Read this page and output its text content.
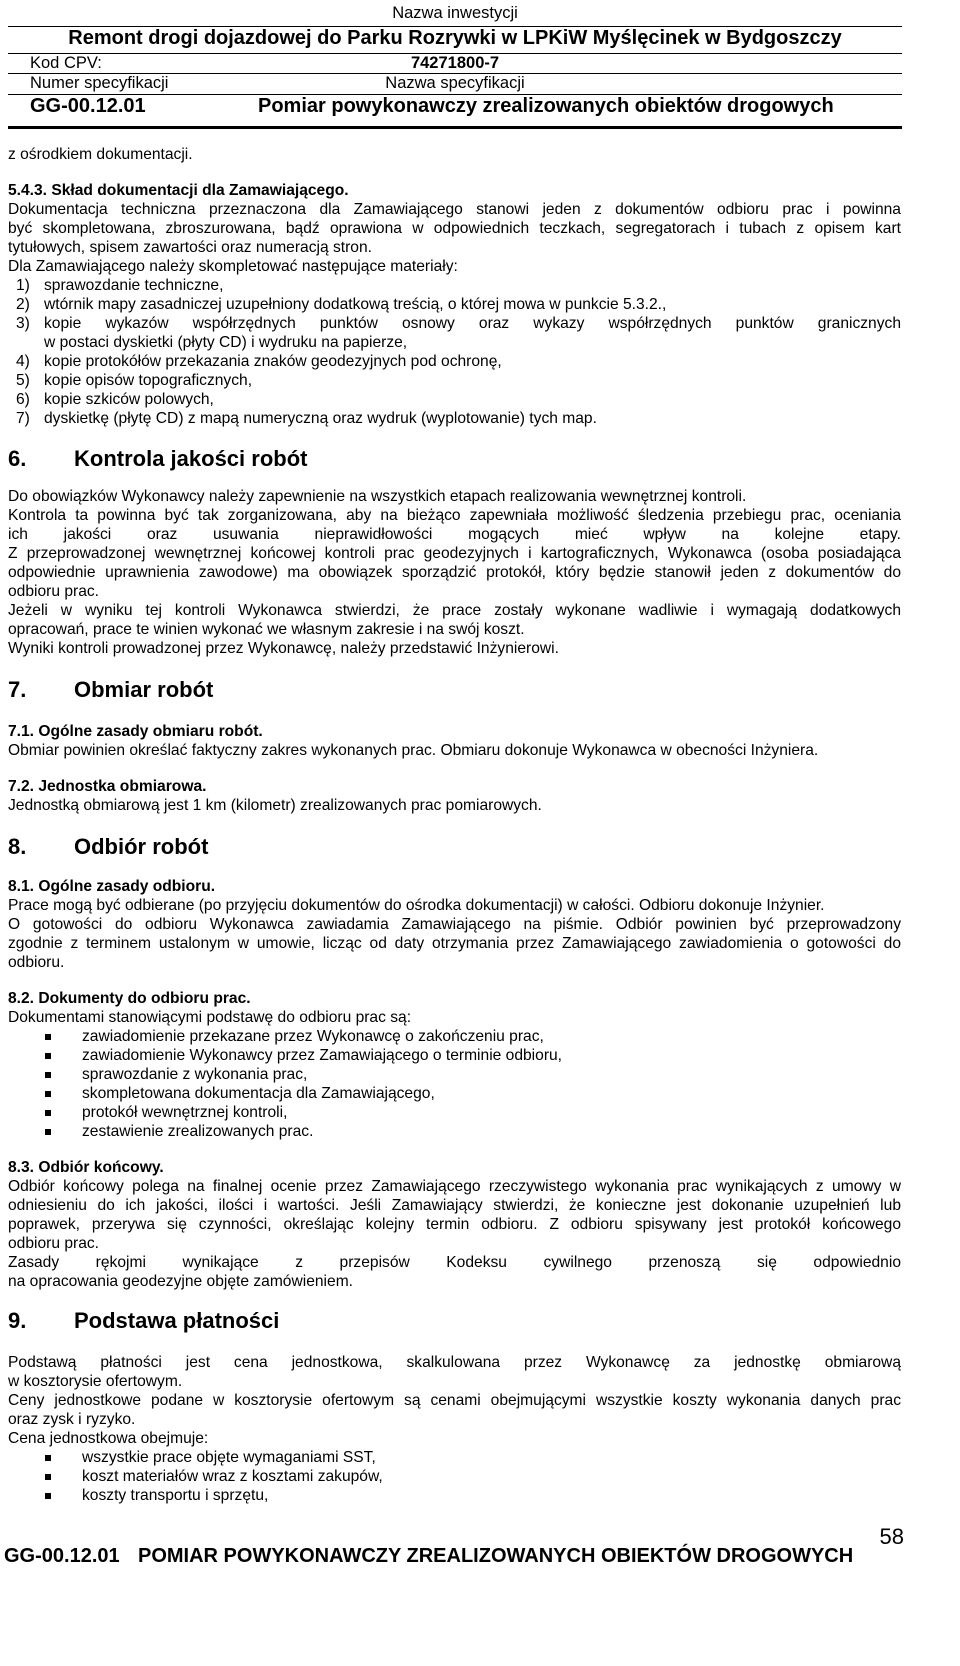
Nazwa inwestycji
Remont drogi dojazdowej do Parku Rozrywki w LPKiW Myślęcinek w Bydgoszczy
Kod CPV:	74271800-7
Numer specyfikacji	Nazwa specyfikacji
GG-00.12.01	Pomiar powykonawczy zrealizowanych obiektów drogowych

z ośrodkiem dokumentacji.

5.4.3. Skład dokumentacji dla Zamawiającego.

Dokumentacja techniczna przeznaczona dla Zamawiającego stanowi jeden z dokumentów odbioru prac i powinna

być skompletowana, zbroszurowana, bądź oprawiona w odpowiednich teczkach, segregatorach i tubach z opisem kart

tytułowych, spisem zawartości oraz numeracją stron.

Dla Zamawiającego należy skompletować następujące materiały:

1) sprawozdanie techniczne,
2) wtórnik mapy zasadniczej uzupełniony dodatkową treścią, o której mowa w punkcie 5.3.2.,
3) kopie wykazów współrzędnych punktów osnowy oraz wykazy współrzędnych punktów granicznych
w postaci dyskietki (płyty CD) i wydruku na papierze,
4) kopie protokółów przekazania znaków geodezyjnych pod ochronę,
5) kopie opisów topograficznych,
6) kopie szkiców polowych,
7) dyskietkę (płytę CD) z mapą numeryczną oraz wydruk (wyplotowanie) tych map.
6. Kontrola jakości robót

Do obowiązków Wykonawcy należy zapewnienie na wszystkich etapach realizowania wewnętrznej kontroli.

Kontrola ta powinna być tak zorganizowana, aby na bieżąco zapewniała możliwość śledzenia przebiegu prac, oceniania

ich jakości oraz usuwania nieprawidłowości mogących mieć wpływ na kolejne etapy.

Z przeprowadzonej wewnętrznej końcowej kontroli prac geodezyjnych i kartograficznych, Wykonawca (osoba posiadająca

odpowiednie uprawnienia zawodowe) ma obowiązek sporządzić protokół, który będzie stanowił jeden z dokumentów do

odbioru prac.

Jeżeli w wyniku tej kontroli Wykonawca stwierdzi, że prace zostały wykonane wadliwie i wymagają dodatkowych

opracowań, prace te winien wykonać we własnym zakresie i na swój koszt.

Wyniki kontroli prowadzonej przez Wykonawcę, należy przedstawić Inżynierowi.

7. Obmiar robót
7.1. Ogólne zasady obmiaru robót.

Obmiar powinien określać faktyczny zakres wykonanych prac. Obmiaru dokonuje Wykonawca w obecności Inżyniera.

7.2. Jednostka obmiarowa.

Jednostką obmiarową jest 1 km (kilometr) zrealizowanych prac pomiarowych.

8. Odbiór robót
8.1. Ogólne zasady odbioru.

Prace mogą być odbierane (po przyjęciu dokumentów do ośrodka dokumentacji) w całości. Odbioru dokonuje Inżynier.

O gotowości do odbioru Wykonawca zawiadamia Zamawiającego na piśmie. Odbiór powinien być przeprowadzony

zgodnie z terminem ustalonym w umowie, licząc od daty otrzymania przez Zamawiającego zawiadomienia o gotowości do

odbioru.

8.2. Dokumenty do odbioru prac.

Dokumentami stanowiącymi podstawę do odbioru prac są:

zawiadomienie przekazane przez Wykonawcę o zakończeniu prac,
zawiadomienie Wykonawcy przez Zamawiającego o terminie odbioru,
sprawozdanie z wykonania prac,
skompletowana dokumentacja dla Zamawiającego,
protokół wewnętrznej kontroli,
zestawienie zrealizowanych prac.
8.3. Odbiór końcowy.

Odbiór końcowy polega na finalnej ocenie przez Zamawiającego rzeczywistego wykonania prac wynikających z umowy w

odniesieniu do ich jakości, ilości i wartości. Jeśli Zamawiający stwierdzi, że konieczne jest dokonanie uzupełnień lub

poprawek, przerywa się czynności, określając kolejny termin odbioru. Z odbioru spisywany jest protokół końcowego

odbioru prac.

Zasady rękojmi wynikające z przepisów Kodeksu cywilnego przenoszą się odpowiednio

na opracowania geodezyjne objęte zamówieniem.

9. Podstawa płatności

Podstawą płatności jest cena jednostkowa, skalkulowana przez Wykonawcę za jednostkę obmiarową

w kosztorysie ofertowym.

Ceny jednostkowe podane w kosztorysie ofertowym są cenami obejmującymi wszystkie koszty wykonania danych prac

oraz zysk i ryzyko.

Cena jednostkowa obejmuje:

wszystkie prace objęte wymaganiami SST,
koszt materiałów wraz z kosztami zakupów,
koszty transportu i sprzętu,
58
GG-00.12.01 POMIAR POWYKONAWCZY ZREALIZOWANYCH OBIEKTÓW DROGOWYCH
